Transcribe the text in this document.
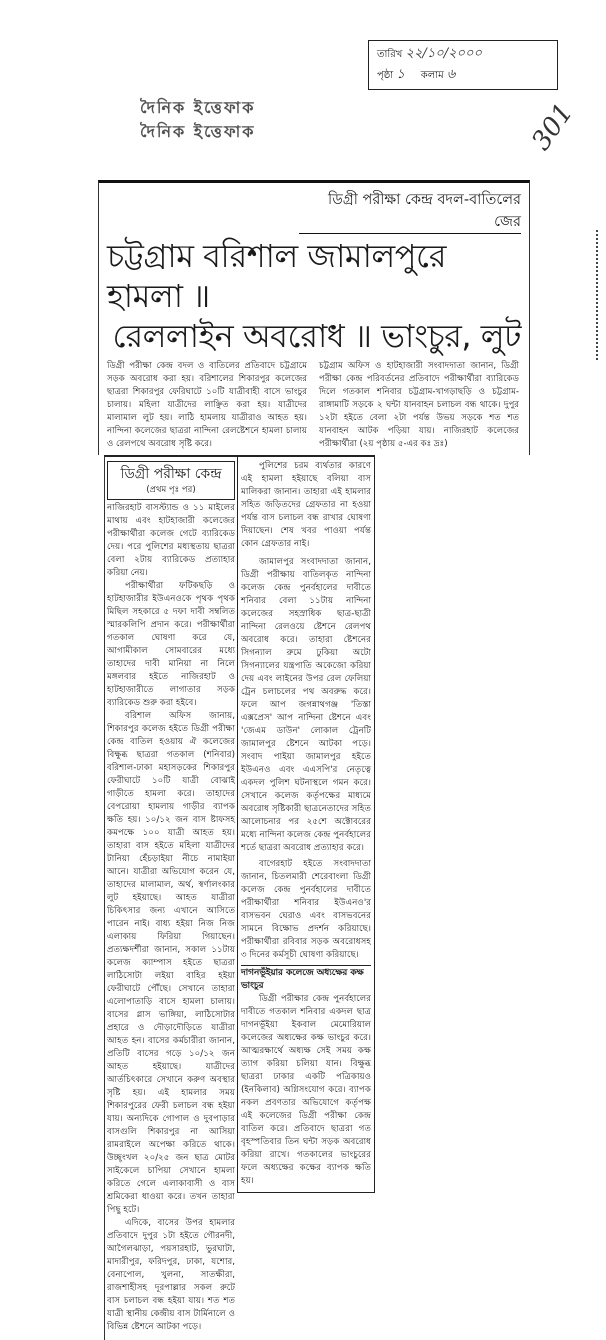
তারিখ ২২/১০/২০০০
পৃষ্ঠা ১ কলাম ৬
দৈনিক ইত্তেফাক
দৈনিক ইত্তেফাক	301
ডিগ্রী পরীক্ষা কেন্দ্র বদল-বাতিলের জের
চট্টগ্রাম বরিশাল জামালপুরে হামলা ॥
রেললাইন অবরোধ ॥ ভাংচুর, লুট
ডিগ্রী পরীক্ষা কেন্দ্র বদল ও বাতিলের প্রতিবাদে চট্টগ্রামে সড়ক অবরোধ করা হয়। বরিশালের শিকারপুর কলেজের ছাত্ররা শিকারপুর ফেরিঘাটে ১০টি যাত্রীবাহী বাসে ভাংচুর চালায়। মহিলা যাত্রীদের লাঞ্ছিত করা হয়। যাত্রীদের মালামাল লুট হয়। লাঠি হামলায় যাত্রীরাও আহত হয়। নান্দিনা কলেজের ছাত্ররা নান্দিনা রেলষ্টেশনে হামলা চালায় ও রেলপথে অবরোধ সৃষ্টি করে।
চট্টগ্রাম অফিস ও হাটহাজারী সংবাদদাতা জানান, ডিগ্রী পরীক্ষা কেন্দ্র পরিবর্তনের প্রতিবাদে পরীক্ষার্থীরা ব্যারিকেড দিলে গতকাল শনিবার চট্টগ্রাম-খাগড়াছড়ি ও চট্টগ্রাম-রাঙ্গামাটি সড়কে ২ ঘন্টা যানবাহন চলাচল বন্ধ থাকে। দুপুর ১২টা হইতে বেলা ২টা পর্যন্ত উভয় সড়কে শত শত যানবাহন আটক পড়িয়া যায়। নাজিরহাট কলেজের পরীক্ষার্থীরা (২য় পৃষ্ঠায় ৫-এর কঃ দ্রঃ)
ডিগ্রী পরীক্ষা কেন্দ্র
(প্রথম পৃঃ পর)

নাজিরহাট বাসস্ট্যান্ড ও ১১ মাইলের মাথায় এবং হাটহাজারী কলেজের পরীক্ষার্থীরা কলেজ গেটে ব্যারিকেড দেয়। পরে পুলিশের মধ্যস্থতায় ছাত্ররা বেলা ২টায় ব্যারিকেড প্রত্যাহার করিয়া নেয়।

পরীক্ষার্থীরা ফটিকছড়ি ও হাটহাজারীর ইউএনওকে পৃথক পৃথক মিছিল সহকারে ৫ দফা দাবী সম্বলিত স্মারকলিপি প্রদান করে। পরীক্ষার্থীরা গতকাল ঘোষণা করে যে, আগামীকাল সোমবারের মধ্যে তাহাদের দাবী মানিয়া না নিলে মঙ্গলবার হইতে নাজিরহাট ও হাটহাজারীতে লাগাতার সড়ক ব্যারিকেড শুরু করা হইবে।

বরিশাল অফিস জানায়, শিকারপুর কলেজ হইতে ডিগ্রী পরীক্ষা কেন্দ্র বাতিল হওয়ায় ঐ কলেজের বিক্ষুব্ধ ছাত্ররা গতকাল (শনিবার) বরিশাল-ঢাকা মহাসড়কের শিকারপুর ফেরীঘাটে ১০টি যাত্রী বোঝাই গাড়ীতে হামলা করে। তাহাদের বেপরোয়া হামলায় গাড়ীর ব্যাপক ক্ষতি হয়। ১০/১২ জন বাস ষ্টাফসহ কমপক্ষে ১০০ যাত্রী আহত হয়। তাহারা বাস হইতে মহিলা যাত্রীদের টানিয়া হেঁচড়াইয়া নীচে নামাইয়া আনে। যাত্রীরা অভিযোগ করেন যে, তাহাদের মালামাল, অর্থ, স্বর্ণালংকার লুট হইয়াছে। আহত যাত্রীরা চিকিৎসার জন্য এখানে আসিতে পারেন নাই। বাধ্য হইয়া নিজ নিজ এলাকায় ফিরিয়া গিয়াছেন। প্রত্যক্ষদর্শীরা জানান, সকাল ১১টায় কলেজ ক্যাম্পাস হইতে ছাত্ররা লাঠিসোটা লইয়া বাহির হইয়া ফেরীঘাটে পৌঁছে। সেখানে তাহারা এলোপাতাড়ি বাসে হামলা চালায়। বাসের গ্লাস ভাঙ্গিয়া, লাঠিসোটার প্রহারে ও দৌড়াদৌড়িতে যাত্রীরা আহত হন। বাসের কর্মচারীরা জানান, প্রতিটি বাসের গড়ে ১০/১২ জন আহত হইয়াছে। যাত্রীদের আর্তচিৎকারে সেখানে করুণ অবস্থার সৃষ্টি হয়। এই হামলার সময় শিকারপুরের ফেরী চলাচল বন্ধ হইয়া যায়। অন্যদিকে গোপাল ও দুবপাড়ার বাসগুলি শিকারপুর না আসিয়া রামরাইলে অপেক্ষা করিতে থাকে। উচ্ছৃংখল ২০/২৫ জন ছাত্র মোটর সাইকেলে চাপিয়া সেখানে হামলা করিতে গেলে এলাকাবাসী ও বাস শ্রমিকেরা ধাওয়া করে। তখন তাহারা পিছু হটে।

এদিকে, বাসের উপর হামলার প্রতিবাদে দুপুর ১টা হইতে গৌরনদী, আগৈলঝাড়া, পয়সারহাট, ভুরঘাটা, মাদারীপুর, ফরিদপুর, ঢাকা, যশোর, বেনাপোল, খুলনা, সাতক্ষীরা, রাজশাহীসহ দূরপাল্লার সকল রুটে বাস চলাচল বন্ধ হইয়া যায়। শত শত যাত্রী স্থানীয় কেন্দ্রীয় বাস টার্মিনালে ও বিভিন্ন ষ্টেশনে আটকা পড়ে।

পুলিশের চরম ব্যর্থতার কারণে এই হামলা হইয়াছে বলিয়া বাস মালিকরা জানান। তাহারা এই হামলার সহিত জড়িতদের গ্রেফতার না হওয়া পর্যন্ত বাস চলাচল বন্ধ রাখার ঘোষণা দিয়াছেন। শেষ খবর পাওয়া পর্যন্ত কোন গ্রেফতার নাই।

জামালপুর সংবাদদাতা জানান, ডিগ্রী পরীক্ষায় বাতিলকৃত নান্দিনা কলেজ কেন্দ্র পুনর্বহালের দাবীতে শনিবার বেলা ১১টায় নান্দিনা কলেজের সহস্রাধিক ছাত্র-ছাত্রী নান্দিনা রেলওয়ে ষ্টেশনে রেলপথ অবরোধ করে। তাহারা ষ্টেশনের সিগন্যাল রুমে ঢুকিয়া অটো সিগন্যালের যন্ত্রপাতি অকেজো করিয়া দেয় এবং লাইনের উপর রেল ফেলিয়া ট্রেন চলাচলের পথ অবরুদ্ধ করে। ফলে আপ জগন্নাথগঞ্জ 'তিস্তা এক্সপ্রেস' আপ নান্দিনা ষ্টেশনে এবং 'জেএম ডাউন' লোকাল ট্রেনটি জামালপুর ষ্টেশনে আটকা পড়ে। সংবাদ পাইয়া জামালপুর হইতে ইউএনও এবং এএসপি'র নেতৃত্বে একদল পুলিশ ঘটনাস্থলে গমন করে। সেখানে কলেজ কর্তৃপক্ষের মাধ্যমে অবরোধ সৃষ্টিকারী ছাত্রনেতাদের সহিত আলোচনার পর ২৫শে অক্টোবরের মধ্যে নান্দিনা কলেজ কেন্দ্র পুনর্বহালের শর্তে ছাত্ররা অবরোধ প্রত্যাহার করে।

বাগেরহাট হইতে সংবাদদাতা জানান, চিতলমারী শেরেবাংলা ডিগ্রী কলেজ কেন্দ্র পুনর্বহালের দাবীতে পরীক্ষার্থীরা শনিবার ইউএনও'র বাসভবন ঘেরাও এবং বাসভবনের সামনে বিক্ষোভ প্রদর্শন করিয়াছে। পরীক্ষার্থীরা রবিবার সড়ক অবরোধসহ ৩ দিনের কর্মসূচী ঘোষণা করিয়াছে।

দাগনভূঁইয়ার কলেজে অধ্যক্ষের কক্ষ ভাংচুর

ডিগ্রী পরীক্ষার কেন্দ্র পুনর্বহালের দাবীতে গতকাল শনিবার একদল ছাত্র দাগনভূঁইয়া ইকবাল মেমোরিয়াল কলেজের অধ্যক্ষের কক্ষ ভাংচুর করে। আত্মরক্ষার্থে অধ্যক্ষ সেই সময় কক্ষ ত্যাগ করিয়া চলিয়া যান। বিক্ষুব্ধ ছাত্ররা ঢাকার একটি পত্রিকায়ও (ইনকিলাব) অগ্নিসংযোগ করে। ব্যাপক নকল প্রবণতার অভিযোগে কর্তৃপক্ষ এই কলেজের ডিগ্রী পরীক্ষা কেন্দ্র বাতিল করে। প্রতিবাদে ছাত্ররা গত বৃহস্পতিবার তিন ঘন্টা সড়ক অবরোধ করিয়া রাখে। গতকালের ভাংচুরের ফলে অধ্যক্ষের কক্ষের ব্যাপক ক্ষতি হয়।
